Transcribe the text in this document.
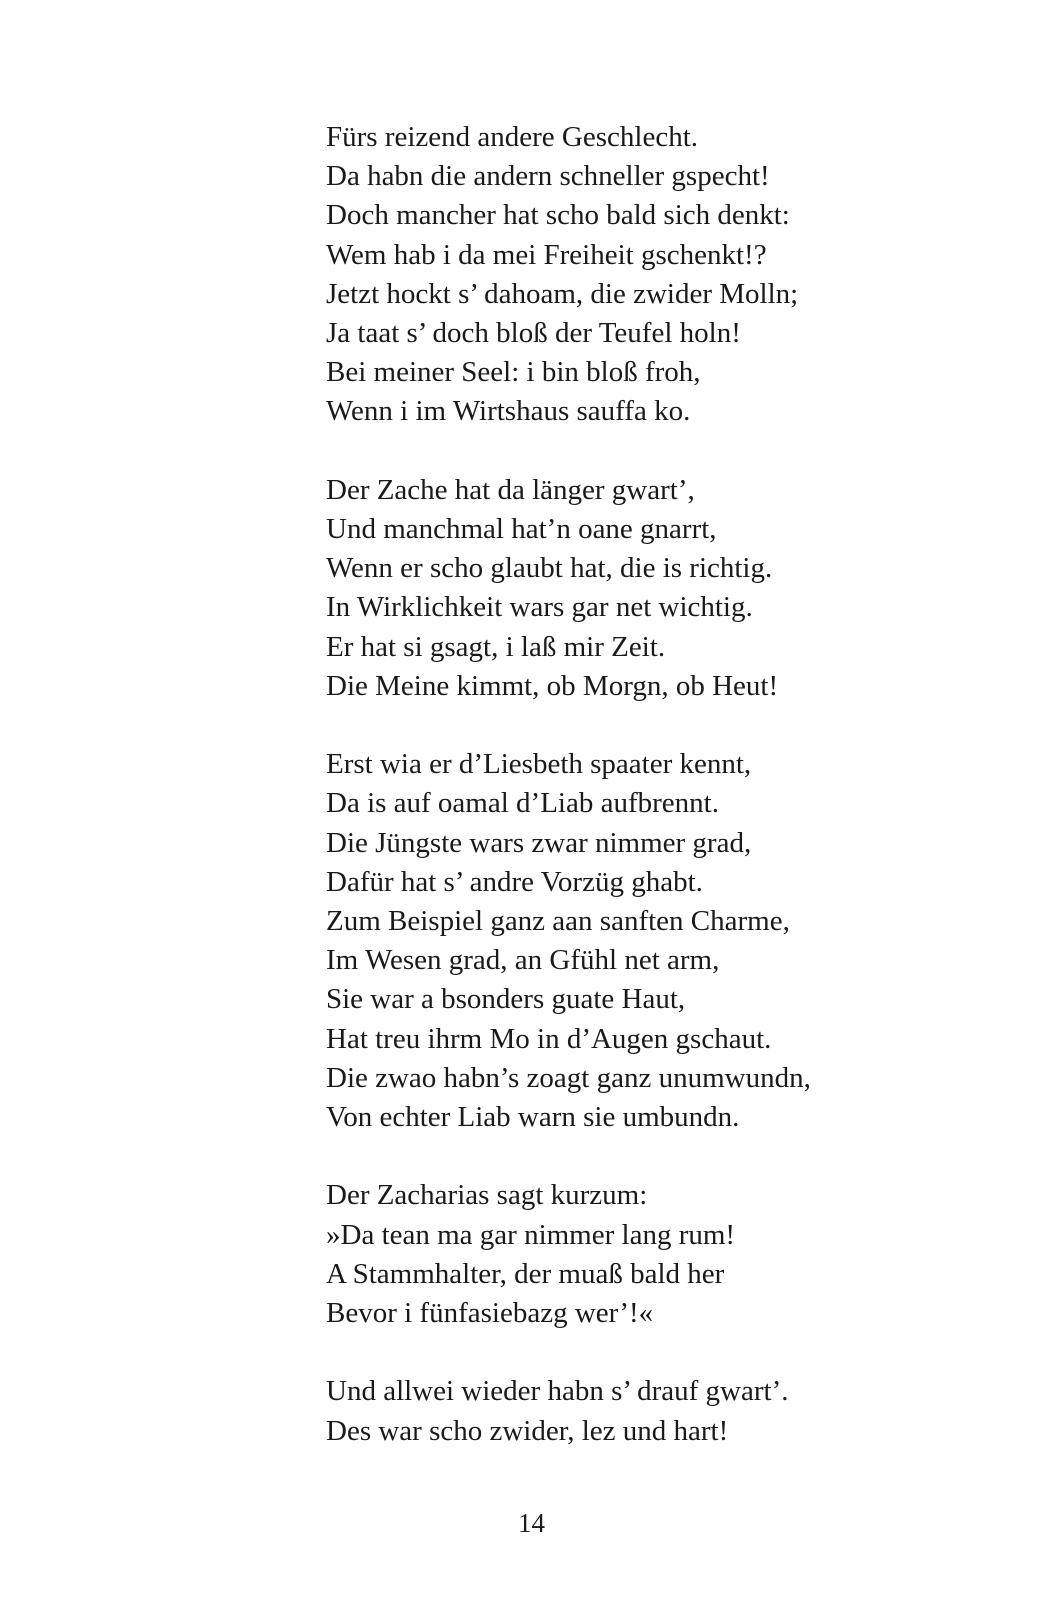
Fürs reizend andere Geschlecht.
Da habn die andern schneller gspecht!
Doch mancher hat scho bald sich denkt:
Wem hab i da mei Freiheit gschenkt!?
Jetzt hockt s’ dahoam, die zwider Molln;
Ja taat s’ doch bloß der Teufel holn!
Bei meiner Seel: i bin bloß froh,
Wenn i im Wirtshaus sauffa ko.
Der Zache hat da länger gwart’,
Und manchmal hat’n oane gnarrt,
Wenn er scho glaubt hat, die is richtig.
In Wirklichkeit wars gar net wichtig.
Er hat si gsagt, i laß mir Zeit.
Die Meine kimmt, ob Morgn, ob Heut!
Erst wia er d’Liesbeth spaater kennt,
Da is auf oamal d’Liab aufbrennt.
Die Jüngste wars zwar nimmer grad,
Dafür hat s’ andre Vorzüg ghabt.
Zum Beispiel ganz aan sanften Charme,
Im Wesen grad, an Gfühl net arm,
Sie war a bsonders guate Haut,
Hat treu ihrm Mo in d’Augen gschaut.
Die zwao habn’s zoagt ganz unumwundn,
Von echter Liab warn sie umbundn.
Der Zacharias sagt kurzum:
»Da tean ma gar nimmer lang rum!
A Stammhalter, der muaß bald her
Bevor i fünfasiebazg wer’!«
Und allwei wieder habn s’ drauf gwart’.
Des war scho zwider, lez und hart!
14
